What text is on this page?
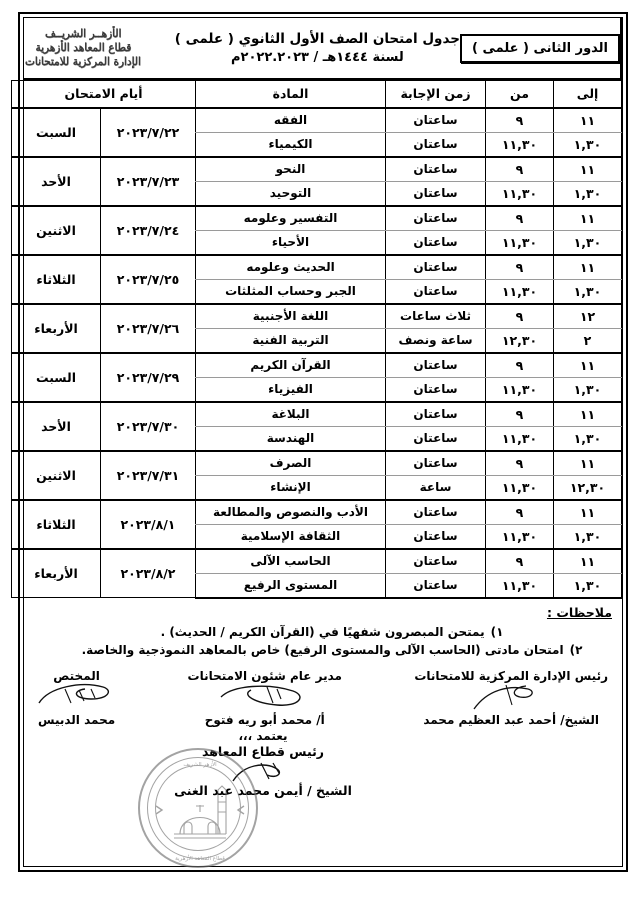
الدور الثانى ( علمى )
جدول امتحان الصف الأول الثانوي ( علمى )
لسنة ١٤٤٤هـ / ٢٠٢٢.٢٠٢٣م
الأزهــر الشريــف
قطاع المعاهد الأزهرية
الإدارة المركزية للامتحانات
إلى	من	زمن الإجابة	المادة	أيام الامتحان	
١١	٩	ساعتان	الفقه	٢٠٢٣/٧/٢٢	السبت
١,٣٠	١١,٣٠	ساعتان	الكيمياء		
١١	٩	ساعتان	النحو	٢٠٢٣/٧/٢٣	الأحد
١,٣٠	١١,٣٠	ساعتان	التوحيد		
١١	٩	ساعتان	التفسير وعلومه	٢٠٢٣/٧/٢٤	الاثنين
١,٣٠	١١,٣٠	ساعتان	الأحياء		
١١	٩	ساعتان	الحديث وعلومه	٢٠٢٣/٧/٢٥	الثلاثاء
١,٣٠	١١,٣٠	ساعتان	الجبر وحساب المثلثات		
١٢	٩	ثلاث ساعات	اللغة الأجنبية	٢٠٢٣/٧/٢٦	الأربعاء
٢	١٢,٣٠	ساعة ونصف	التربية الفنية		
١١	٩	ساعتان	القرآن الكريم	٢٠٢٣/٧/٢٩	السبت
١,٣٠	١١,٣٠	ساعتان	الفيزياء		
١١	٩	ساعتان	البلاغة	٢٠٢٣/٧/٣٠	الأحد
١,٣٠	١١,٣٠	ساعتان	الهندسة		
١١	٩	ساعتان	الصرف	٢٠٢٣/٧/٣١	الاثنين
١٢,٣٠	١١,٣٠	ساعة	الإنشاء		
١١	٩	ساعتان	الأدب والنصوص والمطالعة	٢٠٢٣/٨/١	الثلاثاء
١,٣٠	١١,٣٠	ساعتان	الثقافة الإسلامية		
١١	٩	ساعتان	الحاسب الآلى	٢٠٢٣/٨/٢	الأربعاء
١,٣٠	١١,٣٠	ساعتان	المستوى الرفيع		
ملاحظات :
١)يمتحن المبصرون شفهيًا في (القرآن الكريم / الحديث) .
٢)امتحان مادتى (الحاسب الآلى والمستوى الرفيع) خاص بالمعاهد النموذجية والخاصة.
رئيس الإدارة المركزية للامتحانات
الشيخ/ أحمد عبد العظيم محمد
مدير عام شئون الامتحانات
أ/ محمد أبو ريه فتوح
المختص
محمد الدبيس
يعتمد ،،،
رئيس قطاع المعاهد
الشيخ / أيمن محمد عبد الغنى
الأزهر الشريف
قطاع المعاهد الأزهرية
